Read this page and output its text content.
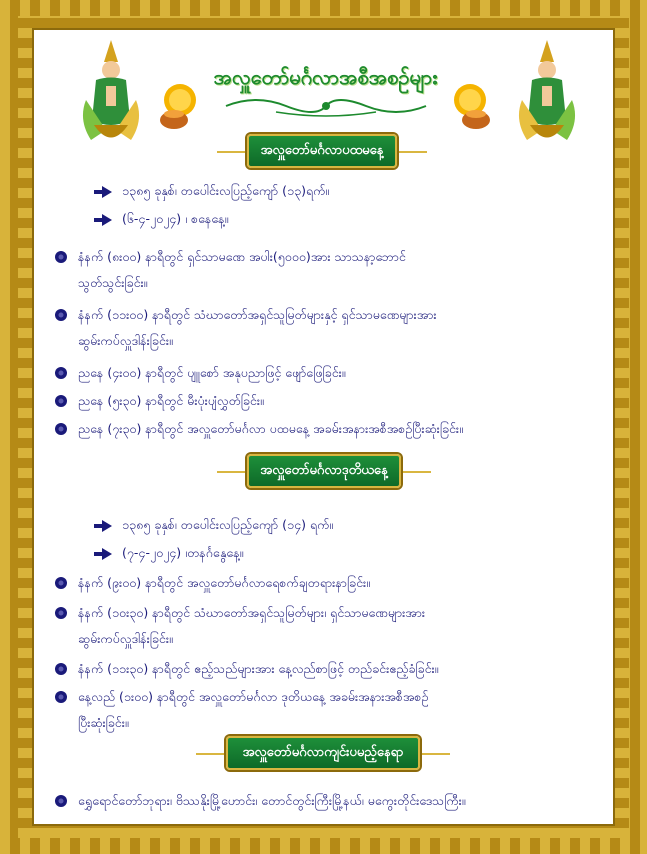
အလှူတော်မင်္ဂလာအစီအစဉ်များ
အလှူတော်မင်္ဂလာပထမနေ့
၁၃၈၅ ခုနှစ်၊ တပေါင်းလပြည့်ကျော် (၁၃)ရက်။
(၆-၄-၂၀၂၄) ၊ စနေနေ့။
နံနက် (၈း၀၀) နာရီတွင် ရှင်သာမဏေ အပါး(၅၀၀၀)အား သာသနာ့ဘောင်
သွတ်သွင်းခြင်း။
နံနက် (၁၁း၀၀) နာရီတွင် သံဃာတော်အရှင်သူမြတ်များနှင့် ရှင်သာမဏေများအား
ဆွမ်းကပ်လှူဒါန်းခြင်း။
ညနေ (၄း၀၀) နာရီတွင် ပျူစော် အနုပညာဖြင့် ဖျော်ဖြေခြင်း။
ညနေ (၅း၃၀) နာရီတွင် မီးပုံးပျံလွှတ်ခြင်း။
ညနေ (၇း၃၀) နာရီတွင် အလှူတော်မင်္ဂလာ ပထမနေ့ အခမ်းအနားအစီအစဉ်ပြီးဆုံးခြင်း။
အလှူတော်မင်္ဂလာဒုတိယနေ့
၁၃၈၅ ခုနှစ်၊ တပေါင်းလပြည့်ကျော် (၁၄) ရက်။
(၇-၄-၂၀၂၄) ၊တနင်္ဂနွေနေ့။
နံနက် (၉း၀၀) နာရီတွင် အလှူတော်မင်္ဂလာရေစက်ချတရားနာခြင်း။
နံနက် (၁၀း၃၀) နာရီတွင် သံဃာတော်အရှင်သူမြတ်များ၊ ရှင်သာမဏေများအား
ဆွမ်းကပ်လှူဒါန်းခြင်း။
နံနက် (၁၁း၃၀) နာရီတွင် ဧည့်သည်များအား နေ့လည်စာဖြင့် တည်ခင်းဧည့်ခံခြင်း။
နေ့လည် (၁း၀၀) နာရီတွင် အလှူတော်မင်္ဂလာ ဒုတိယနေ့ အခမ်းအနားအစီအစဉ်
ပြီးဆုံးခြင်း။
အလှူတော်မင်္ဂလာကျင်းပမည့်နေရာ
ရွှေရောင်တော်ဘုရား၊ ဗိဿနိုးမြို့ဟောင်း၊ တောင်တွင်းကြီးမြို့နယ်၊ မကွေးတိုင်းဒေသကြီး။
